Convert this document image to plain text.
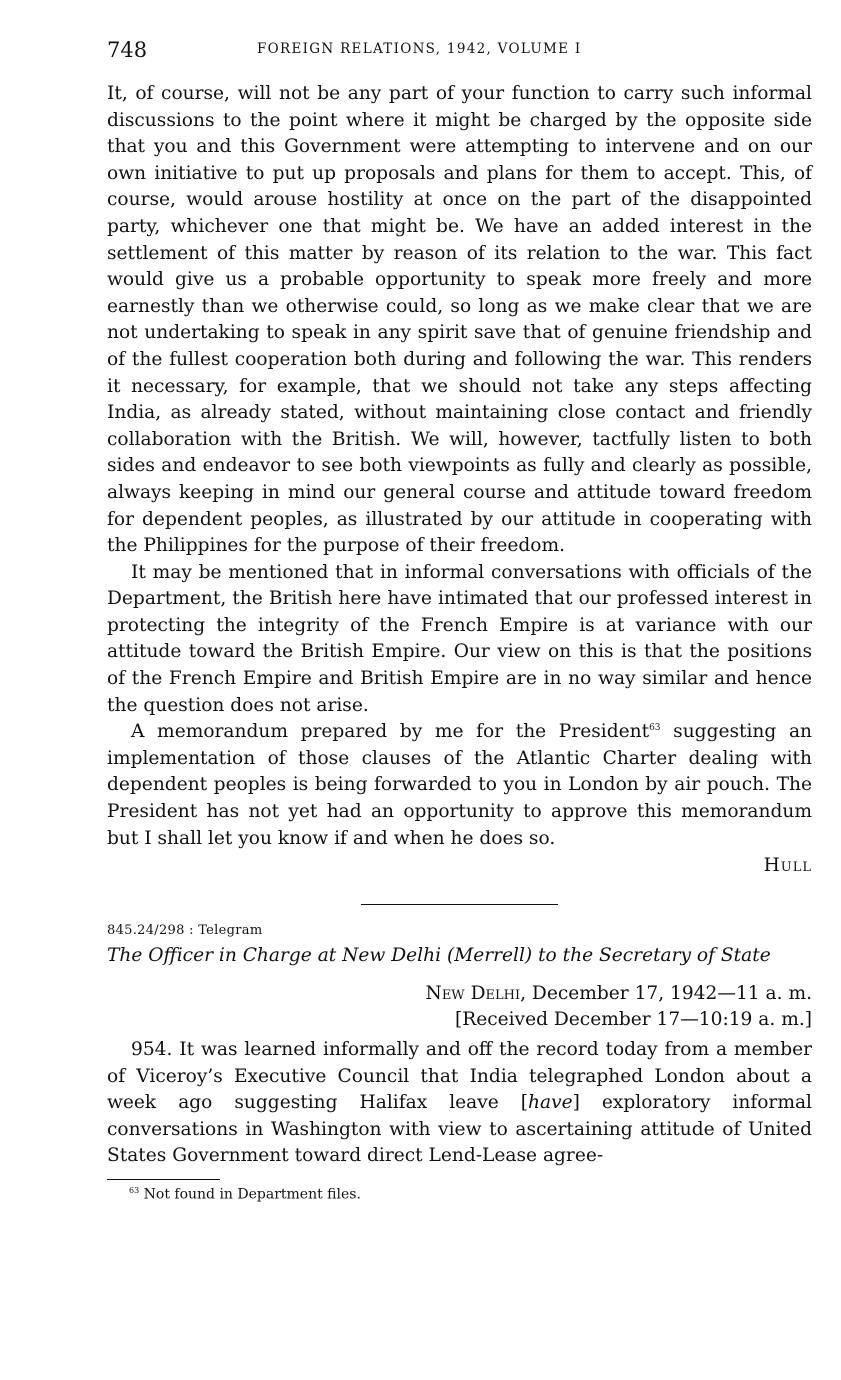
748	FOREIGN RELATIONS, 1942, VOLUME I

It, of course, will not be any part of your function to carry such informal discussions to the point where it might be charged by the opposite side that you and this Government were attempting to intervene and on our own initiative to put up proposals and plans for them to accept. This, of course, would arouse hostility at once on the part of the disappointed party, whichever one that might be. We have an added interest in the settlement of this matter by reason of its relation to the war. This fact would give us a probable opportunity to speak more freely and more earnestly than we otherwise could, so long as we make clear that we are not undertaking to speak in any spirit save that of genuine friendship and of the fullest cooperation both during and following the war. This renders it necessary, for example, that we should not take any steps affecting India, as already stated, without maintaining close contact and friendly collaboration with the British. We will, however, tactfully listen to both sides and endeavor to see both viewpoints as fully and clearly as possible, always keeping in mind our general course and attitude toward freedom for dependent peoples, as illustrated by our attitude in cooperating with the Philippines for the purpose of their freedom.

It may be mentioned that in informal conversations with officials of the Department, the British here have intimated that our professed interest in protecting the integrity of the French Empire is at variance with our attitude toward the British Empire. Our view on this is that the positions of the French Empire and British Empire are in no way similar and hence the question does not arise.

A memorandum prepared by me for the President$^{63}$ suggesting an implementation of those clauses of the Atlantic Charter dealing with dependent peoples is being forwarded to you in London by air pouch. The President has not yet had an opportunity to approve this memorandum but I shall let you know if and when he does so.

Hull
845.24/298 : Telegram
The Officer in Charge at New Delhi (Merrell) to the Secretary of State
New Delhi, December 17, 1942—11 a. m.
[Received December 17—10:19 a. m.]

954. It was learned informally and off the record today from a member of Viceroy’s Executive Council that India telegraphed London about a week ago suggesting Halifax leave [have] exploratory informal conversations in Washington with view to ascertaining attitude of United States Government toward direct Lend-Lease agree-

$^{63}$ Not found in Department files.
